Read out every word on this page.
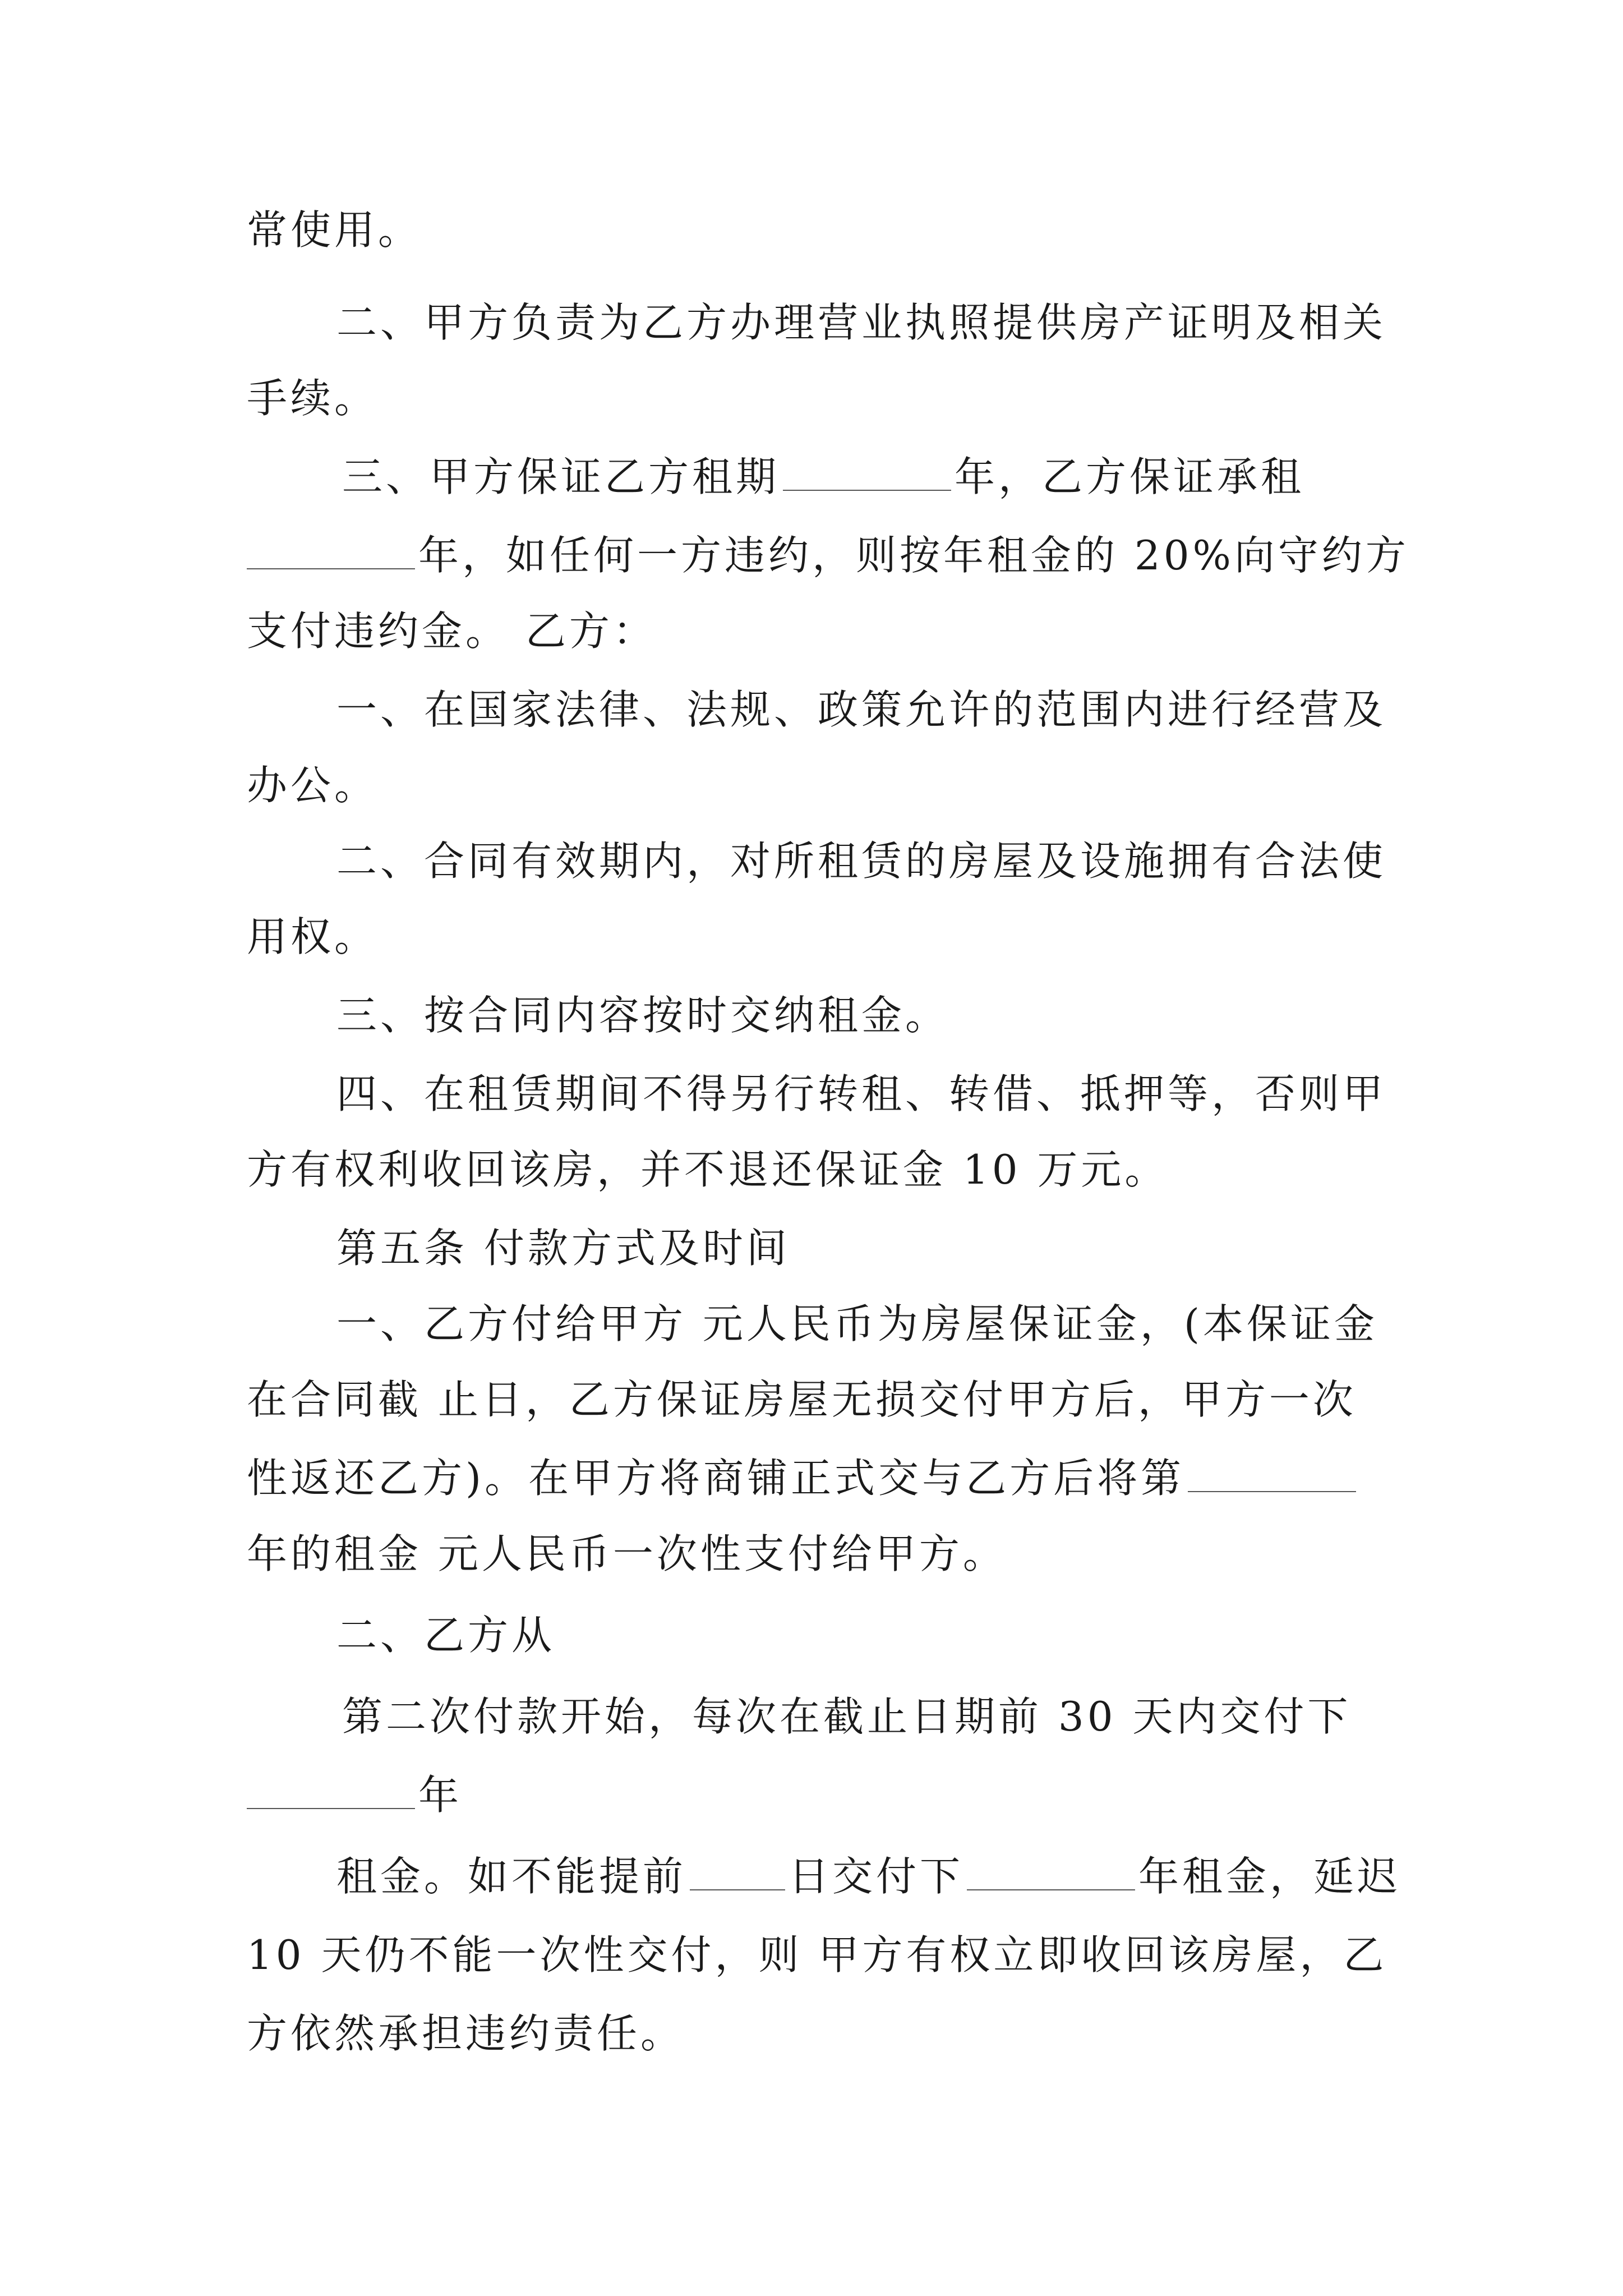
常使用。
二、甲方负责为乙方办理营业执照提供房产证明及相关
手续。
三、甲方保证乙方租期	年，乙方保证承租
年，如任何一方违约，则按年租金的 20%向守约方
支付违约金。 乙方：
一、在国家法律、法规、政策允许的范围内进行经营及
办公。
二、合同有效期内，对所租赁的房屋及设施拥有合法使
用权。
三、按合同内容按时交纳租金。
四、在租赁期间不得另行转租、转借、抵押等，否则甲
方有权利收回该房，并不退还保证金 10 万元。
第五条 付款方式及时间
一、乙方付给甲方 元人民币为房屋保证金，(本保证金
在合同截 止日，乙方保证房屋无损交付甲方后，甲方一次
性返还乙方)。在甲方将商铺正式交与乙方后将第
年的租金 元人民币一次性支付给甲方。
二、乙方从
第二次付款开始，每次在截止日期前 30 天内交付下
年
租金。如不能提前	日交付下	年租金，延迟
10 天仍不能一次性交付，则 甲方有权立即收回该房屋，乙
方依然承担违约责任。
